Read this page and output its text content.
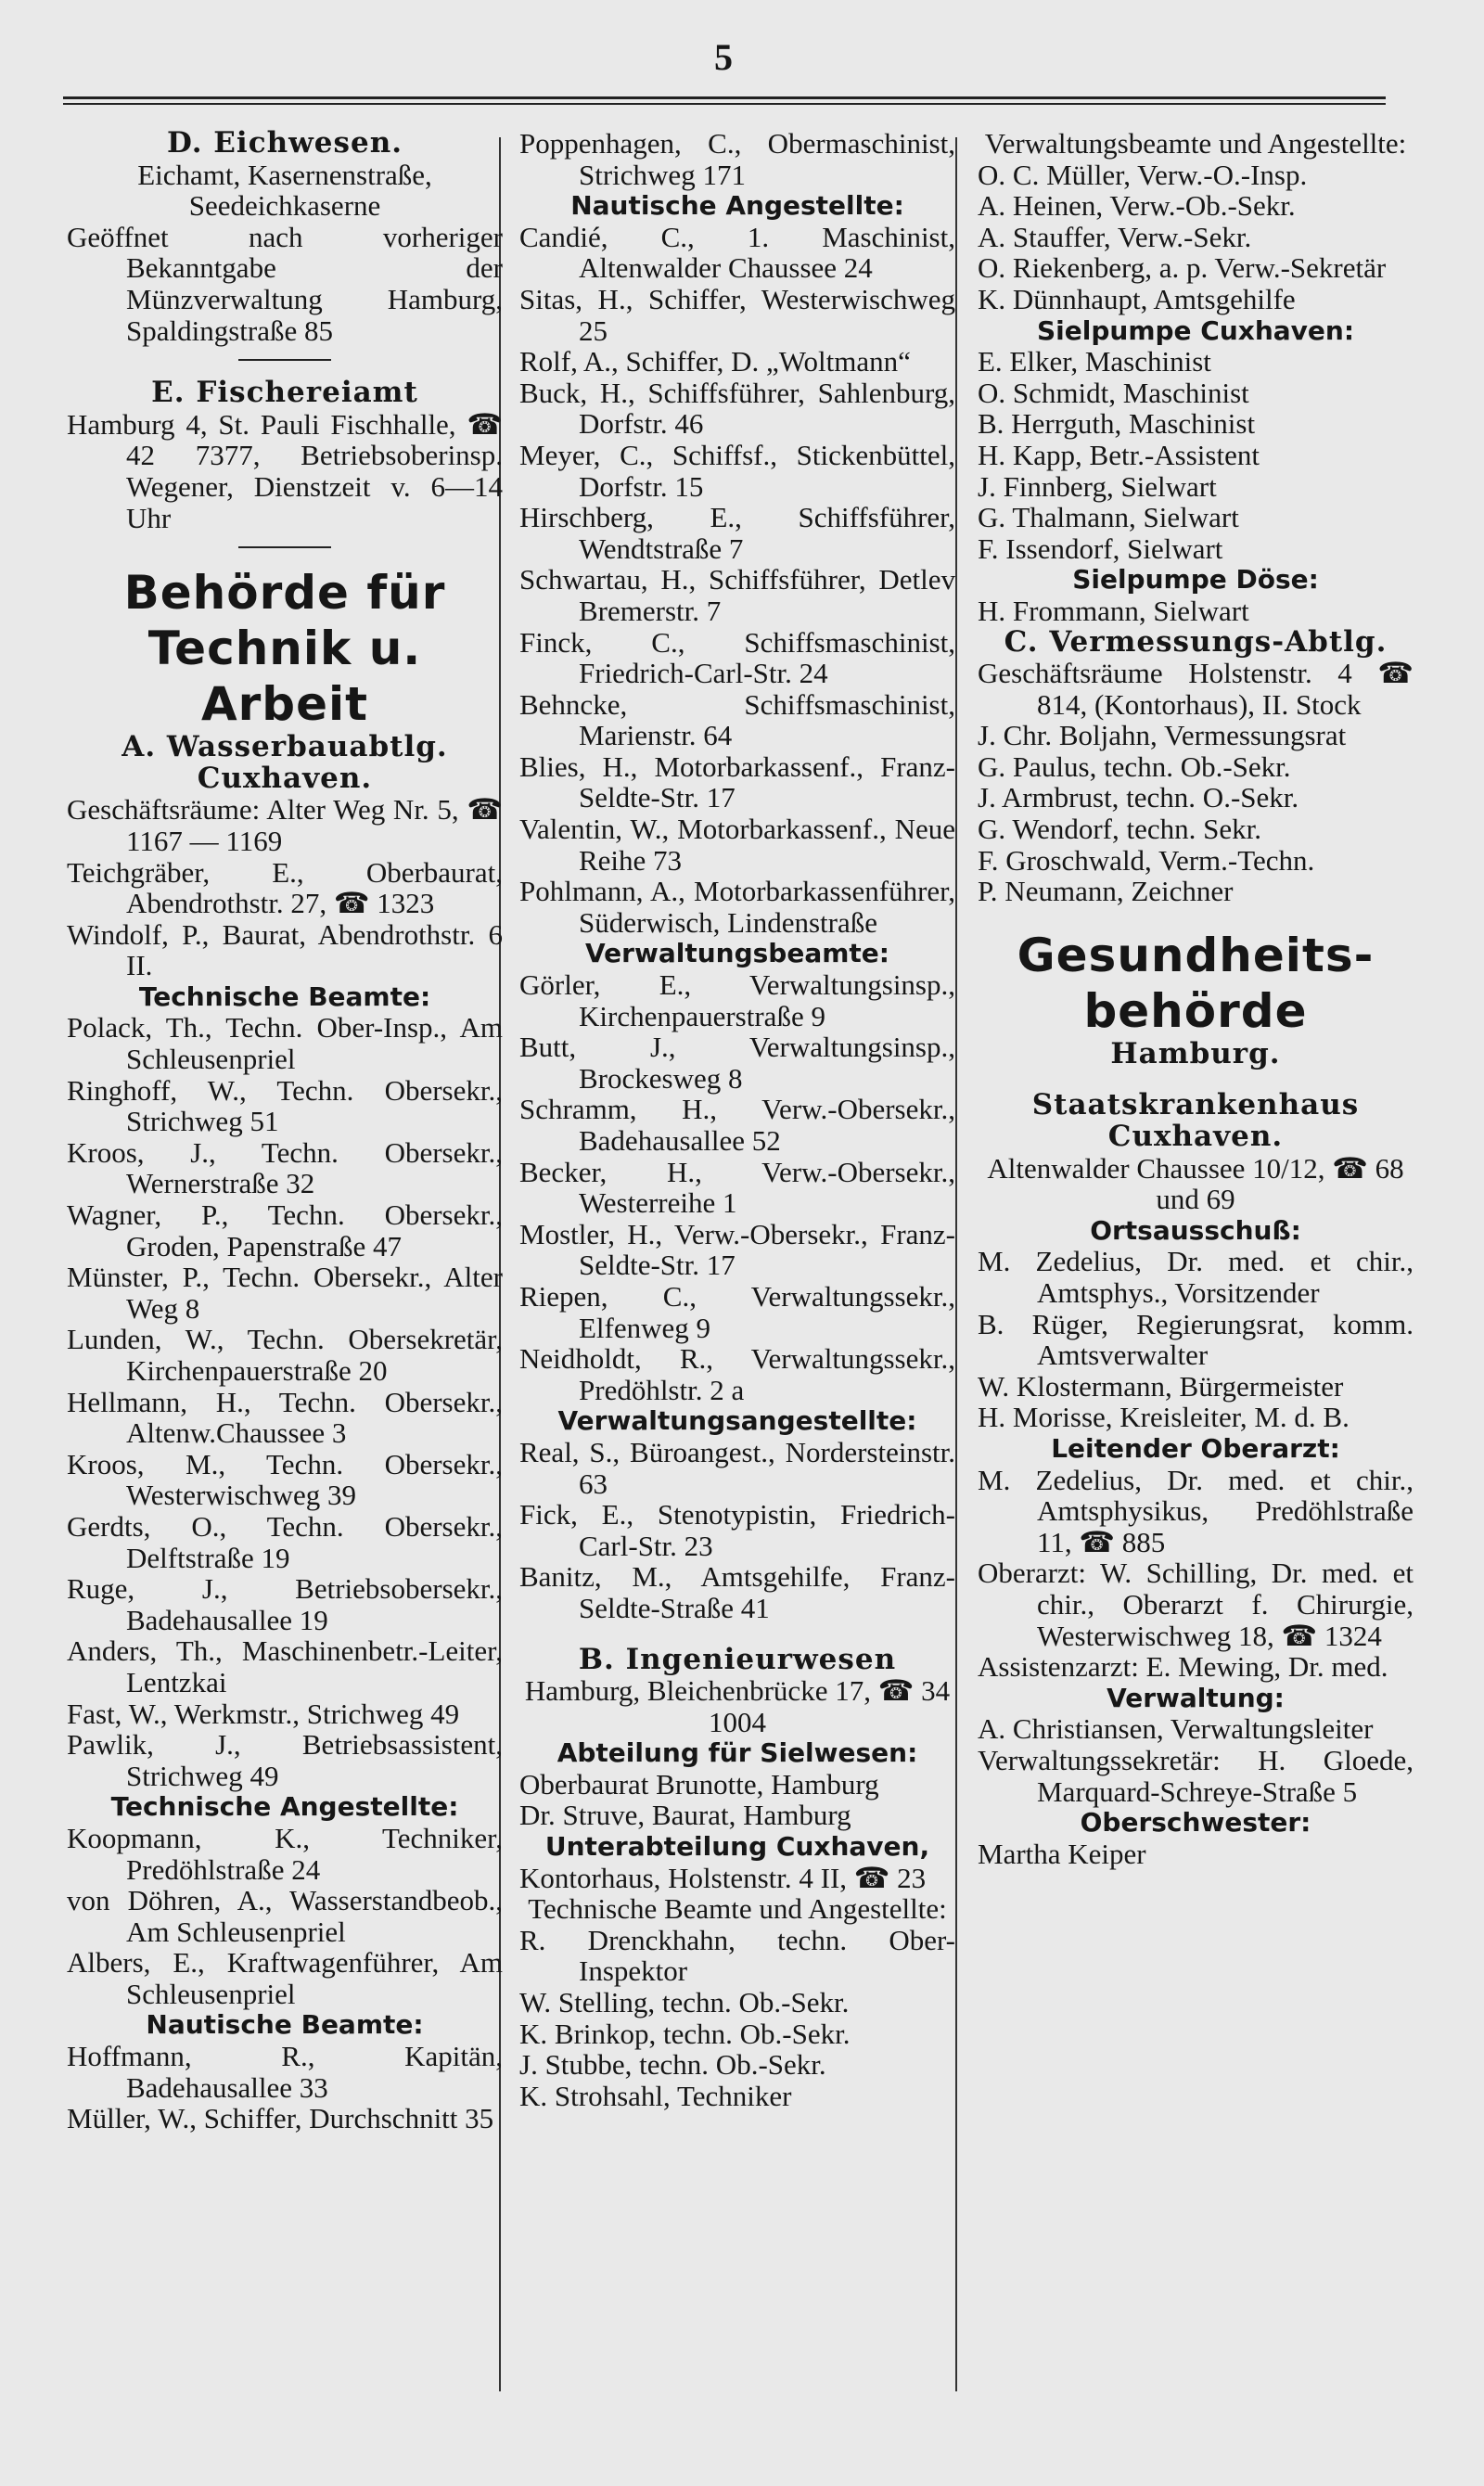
5
D. Eichwesen.
Eichamt, Kasernenstraße, Seedeichkaserne
Geöffnet nach vorheriger Bekanntgabe der Münzverwaltung Hamburg, Spaldingstraße 85
E. Fischereiamt
Hamburg 4, St. Pauli Fischhalle, ☎ 42 7377, Betriebsoberinsp. Wegener, Dienstzeit v. 6—14 Uhr
Behörde für Technik u. Arbeit
A. Wasserbauabtlg. Cuxhaven.
Geschäftsräume: Alter Weg Nr. 5, ☎ 1167 — 1169
Teichgräber, E., Oberbaurat, Abendrothstr. 27, ☎ 1323
Windolf, P., Baurat, Abendrothstr. 6 II.
Technische Beamte:
Polack, Th., Techn. Ober-Insp., Am Schleusenpriel
Ringhoff, W., Techn. Obersekr., Strichweg 51
Kroos, J., Techn. Obersekr., Wernerstraße 32
Wagner, P., Techn. Obersekr., Groden, Papenstraße 47
Münster, P., Techn. Obersekr., Alter Weg 8
Lunden, W., Techn. Obersekretär, Kirchenpauerstraße 20
Hellmann, H., Techn. Obersekr., Altenw.Chaussee 3
Kroos, M., Techn. Obersekr., Westerwischweg 39
Gerdts, O., Techn. Obersekr., Delftstraße 19
Ruge, J., Betriebsobersekr., Badehausallee 19
Anders, Th., Maschinenbetr.-Leiter, Lentzkai
Fast, W., Werkmstr., Strichweg 49
Pawlik, J., Betriebsassistent, Strichweg 49
Technische Angestellte:
Koopmann, K., Techniker, Predöhlstraße 24
von Döhren, A., Wasserstandbeob., Am Schleusenpriel
Albers, E., Kraftwagenführer, Am Schleusenpriel
Nautische Beamte:
Hoffmann, R., Kapitän, Badehausallee 33
Müller, W., Schiffer, Durchschnitt 35
Poppenhagen, C., Obermaschinist, Strichweg 171
Nautische Angestellte:
Candié, C., 1. Maschinist, Altenwalder Chaussee 24
Sitas, H., Schiffer, Westerwischweg 25
Rolf, A., Schiffer, D. „Woltmann“
Buck, H., Schiffsführer, Sahlenburg, Dorfstr. 46
Meyer, C., Schiffsf., Stickenbüttel, Dorfstr. 15
Hirschberg, E., Schiffsführer, Wendtstraße 7
Schwartau, H., Schiffsführer, Detlev Bremerstr. 7
Finck, C., Schiffsmaschinist, Friedrich-Carl-Str. 24
Behncke, Schiffsmaschinist, Marienstr. 64
Blies, H., Motorbarkassenf., Franz-Seldte-Str. 17
Valentin, W., Motorbarkassenf., Neue Reihe 73
Pohlmann, A., Motorbarkassenführer, Süderwisch, Lindenstraße
Verwaltungsbeamte:
Görler, E., Verwaltungsinsp., Kirchenpauerstraße 9
Butt, J., Verwaltungsinsp., Brockesweg 8
Schramm, H., Verw.-Obersekr., Badehausallee 52
Becker, H., Verw.-Obersekr., Westerreihe 1
Mostler, H., Verw.-Obersekr., Franz-Seldte-Str. 17
Riepen, C., Verwaltungssekr., Elfenweg 9
Neidholdt, R., Verwaltungssekr., Predöhlstr. 2 a
Verwaltungsangestellte:
Real, S., Büroangest., Nordersteinstr. 63
Fick, E., Stenotypistin, Friedrich-Carl-Str. 23
Banitz, M., Amtsgehilfe, Franz-Seldte-Straße 41
B. Ingenieurwesen
Hamburg, Bleichenbrücke 17, ☎ 34 1004
Abteilung für Sielwesen:
Oberbaurat Brunotte, Hamburg
Dr. Struve, Baurat, Hamburg
Unterabteilung Cuxhaven,
Kontorhaus, Holstenstr. 4 II, ☎ 23
Technische Beamte und Angestellte:
R. Drenckhahn, techn. Ober-Inspektor
W. Stelling, techn. Ob.-Sekr.
K. Brinkop, techn. Ob.-Sekr.
J. Stubbe, techn. Ob.-Sekr.
K. Strohsahl, Techniker
Verwaltungsbeamte und Angestellte:
O. C. Müller, Verw.-O.-Insp.
A. Heinen, Verw.-Ob.-Sekr.
A. Stauffer, Verw.-Sekr.
O. Riekenberg, a. p. Verw.-Sekretär
K. Dünnhaupt, Amtsgehilfe
Sielpumpe Cuxhaven:
E. Elker, Maschinist
O. Schmidt, Maschinist
B. Herrguth, Maschinist
H. Kapp, Betr.-Assistent
J. Finnberg, Sielwart
G. Thalmann, Sielwart
F. Issendorf, Sielwart
Sielpumpe Döse:
H. Frommann, Sielwart
C. Vermessungs-Abtlg.
Geschäftsräume Holstenstr. 4 ☎ 814, (Kontorhaus), II. Stock
J. Chr. Boljahn, Vermessungsrat
G. Paulus, techn. Ob.-Sekr.
J. Armbrust, techn. O.-Sekr.
G. Wendorf, techn. Sekr.
F. Groschwald, Verm.-Techn.
P. Neumann, Zeichner
Gesundheits-behörde
Hamburg.
Staatskrankenhaus Cuxhaven.
Altenwalder Chaussee 10/12, ☎ 68 und 69
Ortsausschuß:
M. Zedelius, Dr. med. et chir., Amtsphys., Vorsitzender
B. Rüger, Regierungsrat, komm. Amtsverwalter
W. Klostermann, Bürgermeister
H. Morisse, Kreisleiter, M. d. B.
Leitender Oberarzt:
M. Zedelius, Dr. med. et chir., Amtsphysikus, Predöhlstraße 11, ☎ 885
Oberarzt: W. Schilling, Dr. med. et chir., Oberarzt f. Chirurgie, Westerwischweg 18, ☎ 1324
Assistenzarzt: E. Mewing, Dr. med.
Verwaltung:
A. Christiansen, Verwaltungsleiter
Verwaltungssekretär: H. Gloede, Marquard-Schreye-Straße 5
Oberschwester:
Martha Keiper
